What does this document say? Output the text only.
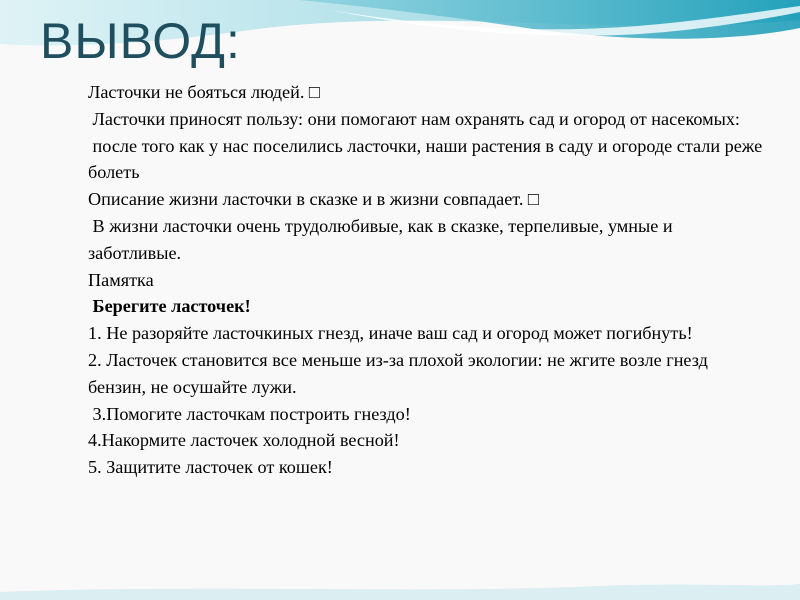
ВЫВОД:

Ласточки не бояться людей. □

Ласточки приносят пользу: они помогают нам охранять сад и огород от насекомых:

после того как у нас поселились ласточки, наши растения в саду и огороде стали реже болеть

Описание жизни ласточки в сказке и в жизни совпадает. □

В жизни ласточки очень трудолюбивые, как в сказке, терпеливые, умные и заботливые.

Памятка

Берегите ласточек!

1. Не разоряйте ласточкиных гнезд, иначе ваш сад и огород может погибнуть!

2. Ласточек становится все меньше из-за плохой экологии: не жгите возле гнезд бензин, не осушайте лужи.

3.Помогите ласточкам построить гнездо!

4.Накормите ласточек холодной весной!

5. Защитите ласточек от кошек!
